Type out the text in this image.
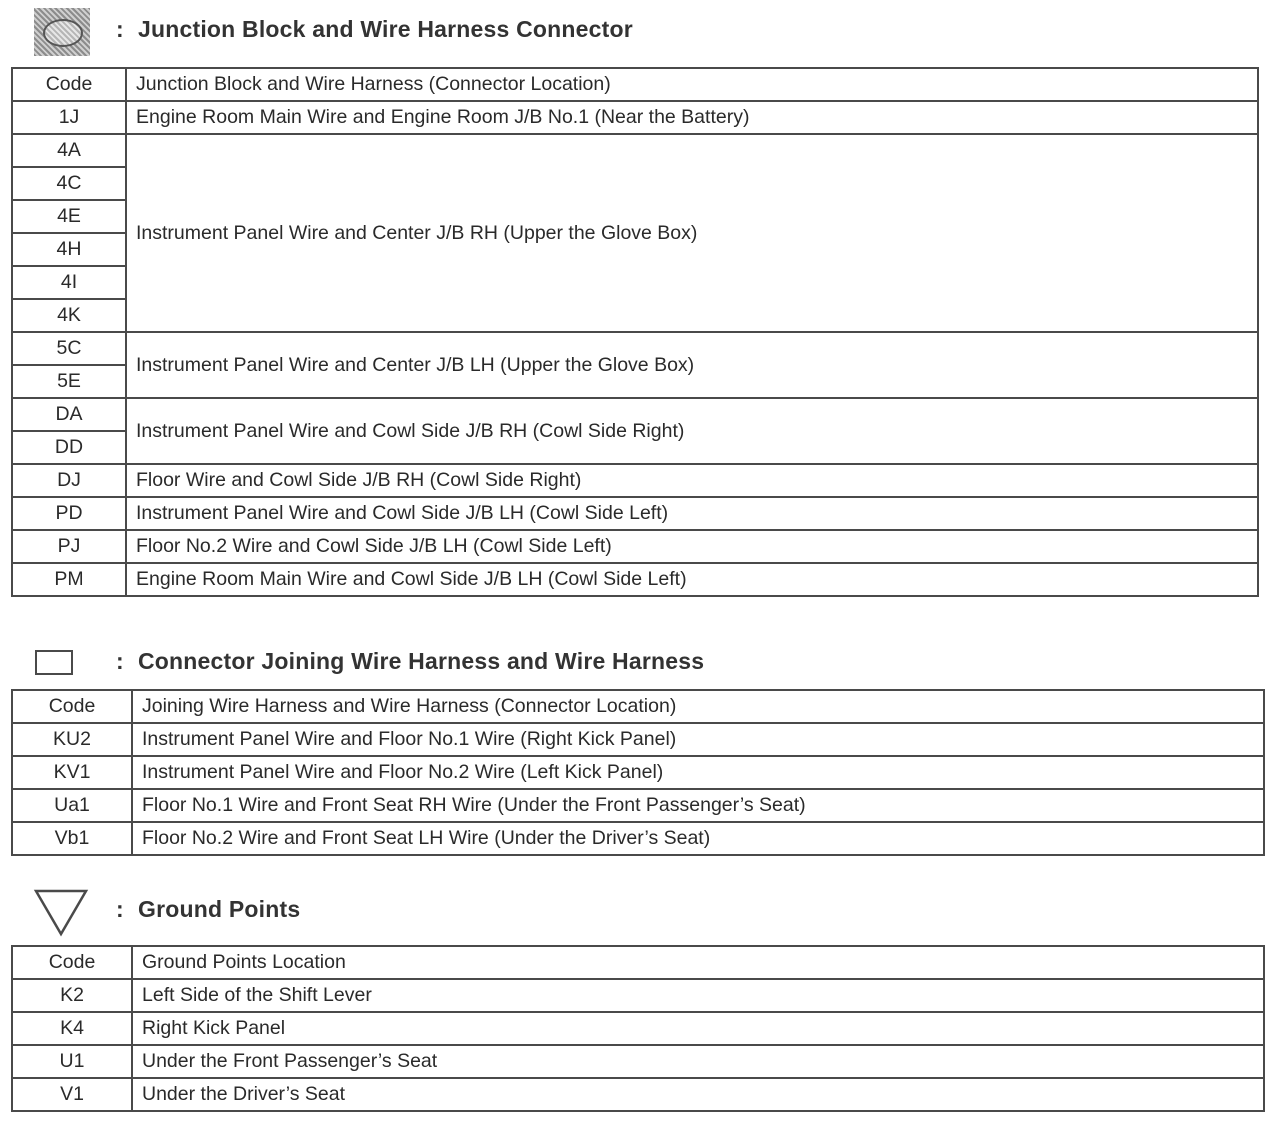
: Junction Block and Wire Harness Connector
Code	Junction Block and Wire Harness (Connector Location)
1J	Engine Room Main Wire and Engine Room J/B No.1 (Near the Battery)
4A	Instrument Panel Wire and Center J/B RH (Upper the Glove Box)
4C	
4E	
4H	
4I	
4K	
5C	Instrument Panel Wire and Center J/B LH (Upper the Glove Box)
5E	
DA	Instrument Panel Wire and Cowl Side J/B RH (Cowl Side Right)
DD	
DJ	Floor Wire and Cowl Side J/B RH (Cowl Side Right)
PD	Instrument Panel Wire and Cowl Side J/B LH (Cowl Side Left)
PJ	Floor No.2 Wire and Cowl Side J/B LH (Cowl Side Left)
PM	Engine Room Main Wire and Cowl Side J/B LH (Cowl Side Left)
: Connector Joining Wire Harness and Wire Harness
Code	Joining Wire Harness and Wire Harness (Connector Location)
KU2	Instrument Panel Wire and Floor No.1 Wire (Right Kick Panel)
KV1	Instrument Panel Wire and Floor No.2 Wire (Left Kick Panel)
Ua1	Floor No.1 Wire and Front Seat RH Wire (Under the Front Passenger’s Seat)
Vb1	Floor No.2 Wire and Front Seat LH Wire (Under the Driver’s Seat)
: Ground Points
Code	Ground Points Location
K2	Left Side of the Shift Lever
K4	Right Kick Panel
U1	Under the Front Passenger’s Seat
V1	Under the Driver’s Seat
